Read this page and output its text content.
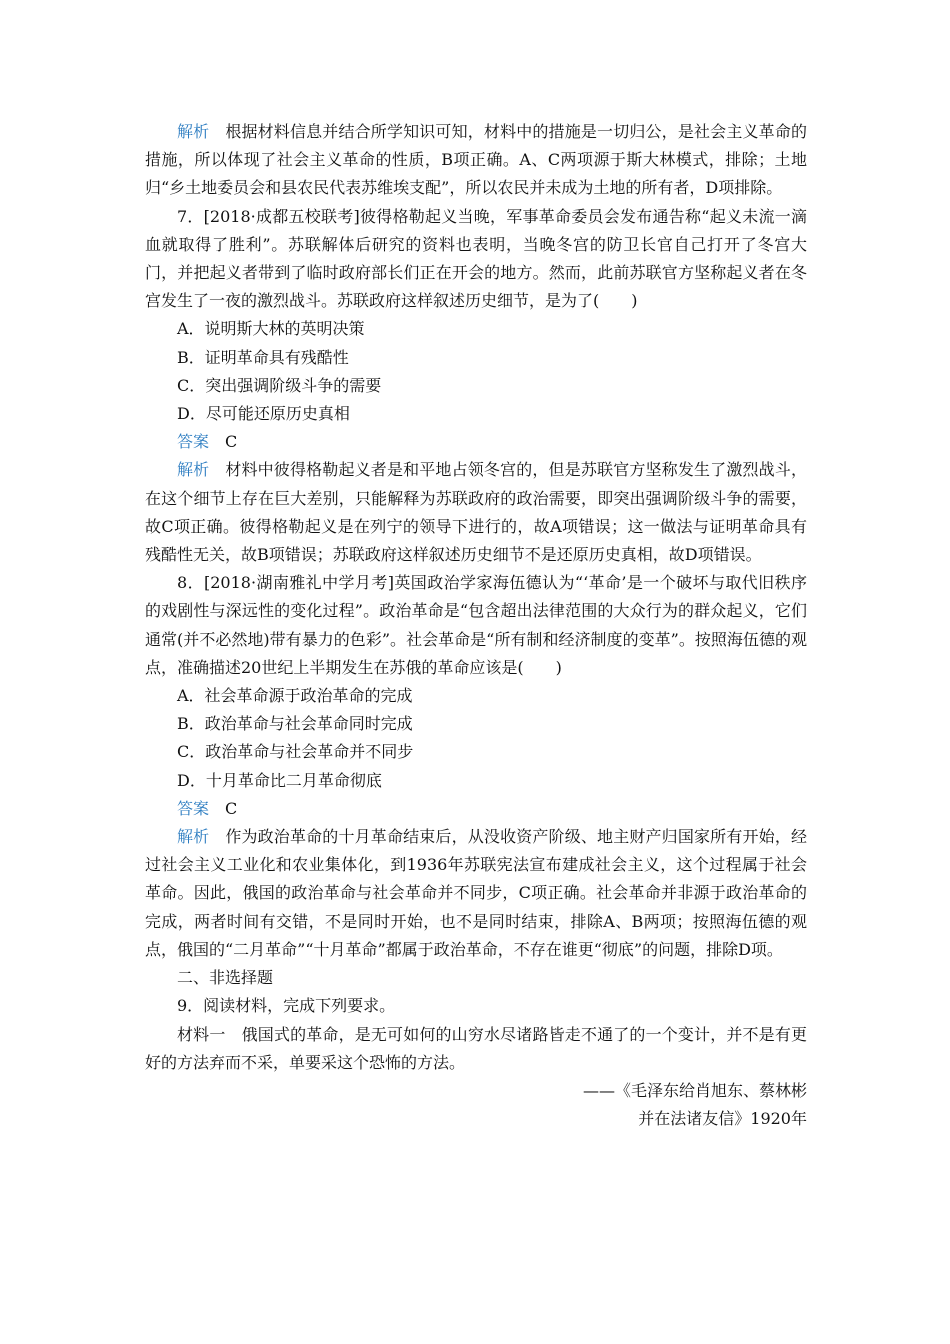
解析 根据材料信息并结合所学知识可知，材料中的措施是一切归公，是社会主义革命的措施，所以体现了社会主义革命的性质，B项正确。A、C两项源于斯大林模式，排除；土地归“乡土地委员会和县农民代表苏维埃支配”，所以农民并未成为土地的所有者，D项排除。

7．[2018·成都五校联考]彼得格勒起义当晚，军事革命委员会发布通告称“起义未流一滴血就取得了胜利”。苏联解体后研究的资料也表明，当晚冬宫的防卫长官自己打开了冬宫大门，并把起义者带到了临时政府部长们正在开会的地方。然而，此前苏联官方坚称起义者在冬宫发生了一夜的激烈战斗。苏联政府这样叙述历史细节，是为了(　　)

A．说明斯大林的英明决策

B．证明革命具有残酷性

C．突出强调阶级斗争的需要

D．尽可能还原历史真相

答案 C

解析 材料中彼得格勒起义者是和平地占领冬宫的，但是苏联官方坚称发生了激烈战斗，在这个细节上存在巨大差别，只能解释为苏联政府的政治需要，即突出强调阶级斗争的需要，故C项正确。彼得格勒起义是在列宁的领导下进行的，故A项错误；这一做法与证明革命具有残酷性无关，故B项错误；苏联政府这样叙述历史细节不是还原历史真相，故D项错误。

8．[2018·湖南雅礼中学月考]英国政治学家海伍德认为“‘革命’是一个破坏与取代旧秩序的戏剧性与深远性的变化过程”。政治革命是“包含超出法律范围的大众行为的群众起义，它们通常(并不必然地)带有暴力的色彩”。社会革命是“所有制和经济制度的变革”。按照海伍德的观点，准确描述20世纪上半期发生在苏俄的革命应该是(　　)

A．社会革命源于政治革命的完成

B．政治革命与社会革命同时完成

C．政治革命与社会革命并不同步

D．十月革命比二月革命彻底

答案 C

解析 作为政治革命的十月革命结束后，从没收资产阶级、地主财产归国家所有开始，经过社会主义工业化和农业集体化，到1936年苏联宪法宣布建成社会主义，这个过程属于社会革命。因此，俄国的政治革命与社会革命并不同步，C项正确。社会革命并非源于政治革命的完成，两者时间有交错，不是同时开始，也不是同时结束，排除A、B两项；按照海伍德的观点，俄国的“二月革命”“十月革命”都属于政治革命，不存在谁更“彻底”的问题，排除D项。

二、非选择题

9．阅读材料，完成下列要求。

材料一　俄国式的革命，是无可如何的山穷水尽诸路皆走不通了的一个变计，并不是有更好的方法弃而不采，单要采这个恐怖的方法。

——《毛泽东给肖旭东、蔡林彬

并在法诸友信》1920年
